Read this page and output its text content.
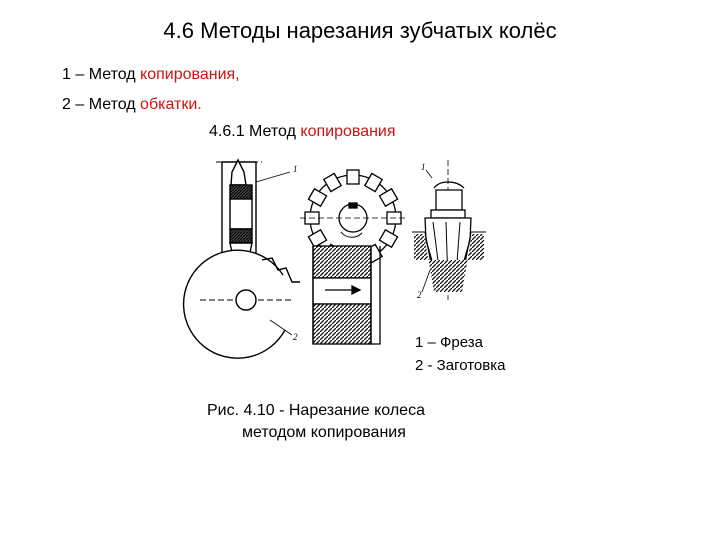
4.6 Методы нарезания зубчатых колёс
1 – Метод копирования,
2 – Метод обкатки.
4.6.1 Метод копирования
1
2
1
2
1 – Фреза
2 - Заготовка
Рис. 4.10 - Нарезание колеса
методом копирования
